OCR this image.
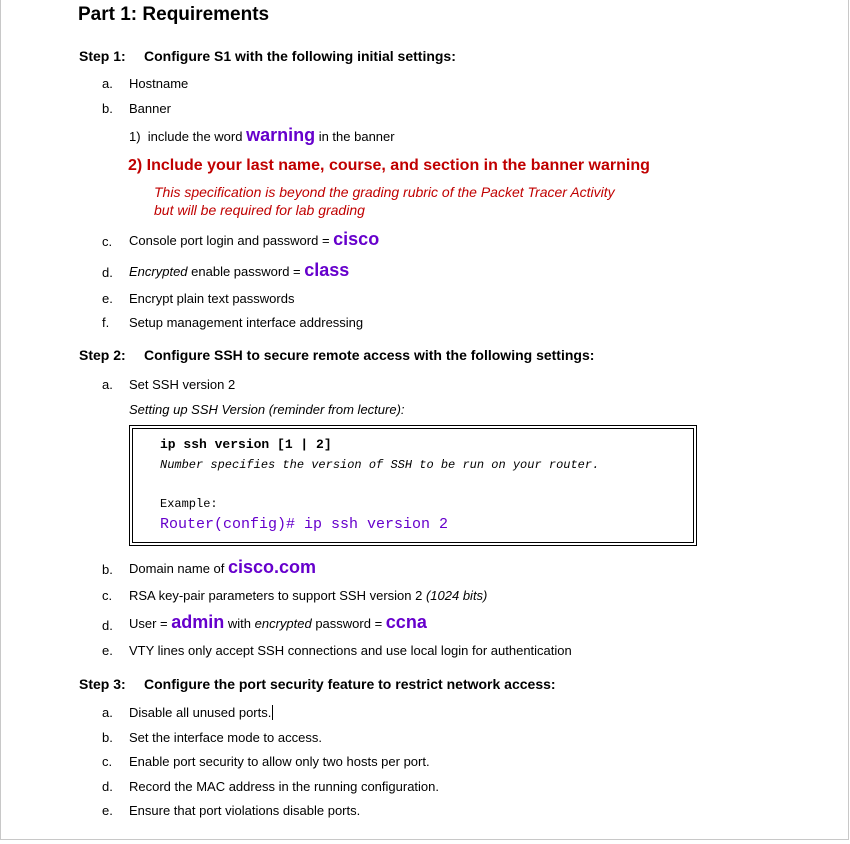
Part 1: Requirements
Step 1: Configure S1 with the following initial settings:
a. Hostname
b. Banner
1) include the word warning in the banner
2) Include your last name, course, and section in the banner warning
This specification is beyond the grading rubric of the Packet Tracer Activity
but will be required for lab grading
c. Console port login and password = cisco
d. Encrypted enable password = class
e. Encrypt plain text passwords
f. Setup management interface addressing
Step 2: Configure SSH to secure remote access with the following settings:
a. Set SSH version 2
Setting up SSH Version (reminder from lecture):
ip ssh version [1 | 2]
Number specifies the version of SSH to be run on your router.
Example:
Router(config)# ip ssh version 2
b. Domain name of cisco.com
c. RSA key-pair parameters to support SSH version 2 (1024 bits)
d. User = admin with encrypted password = ccna
e. VTY lines only accept SSH connections and use local login for authentication
Step 3: Configure the port security feature to restrict network access:
a. Disable all unused ports.
b. Set the interface mode to access.
c. Enable port security to allow only two hosts per port.
d. Record the MAC address in the running configuration.
e. Ensure that port violations disable ports.
